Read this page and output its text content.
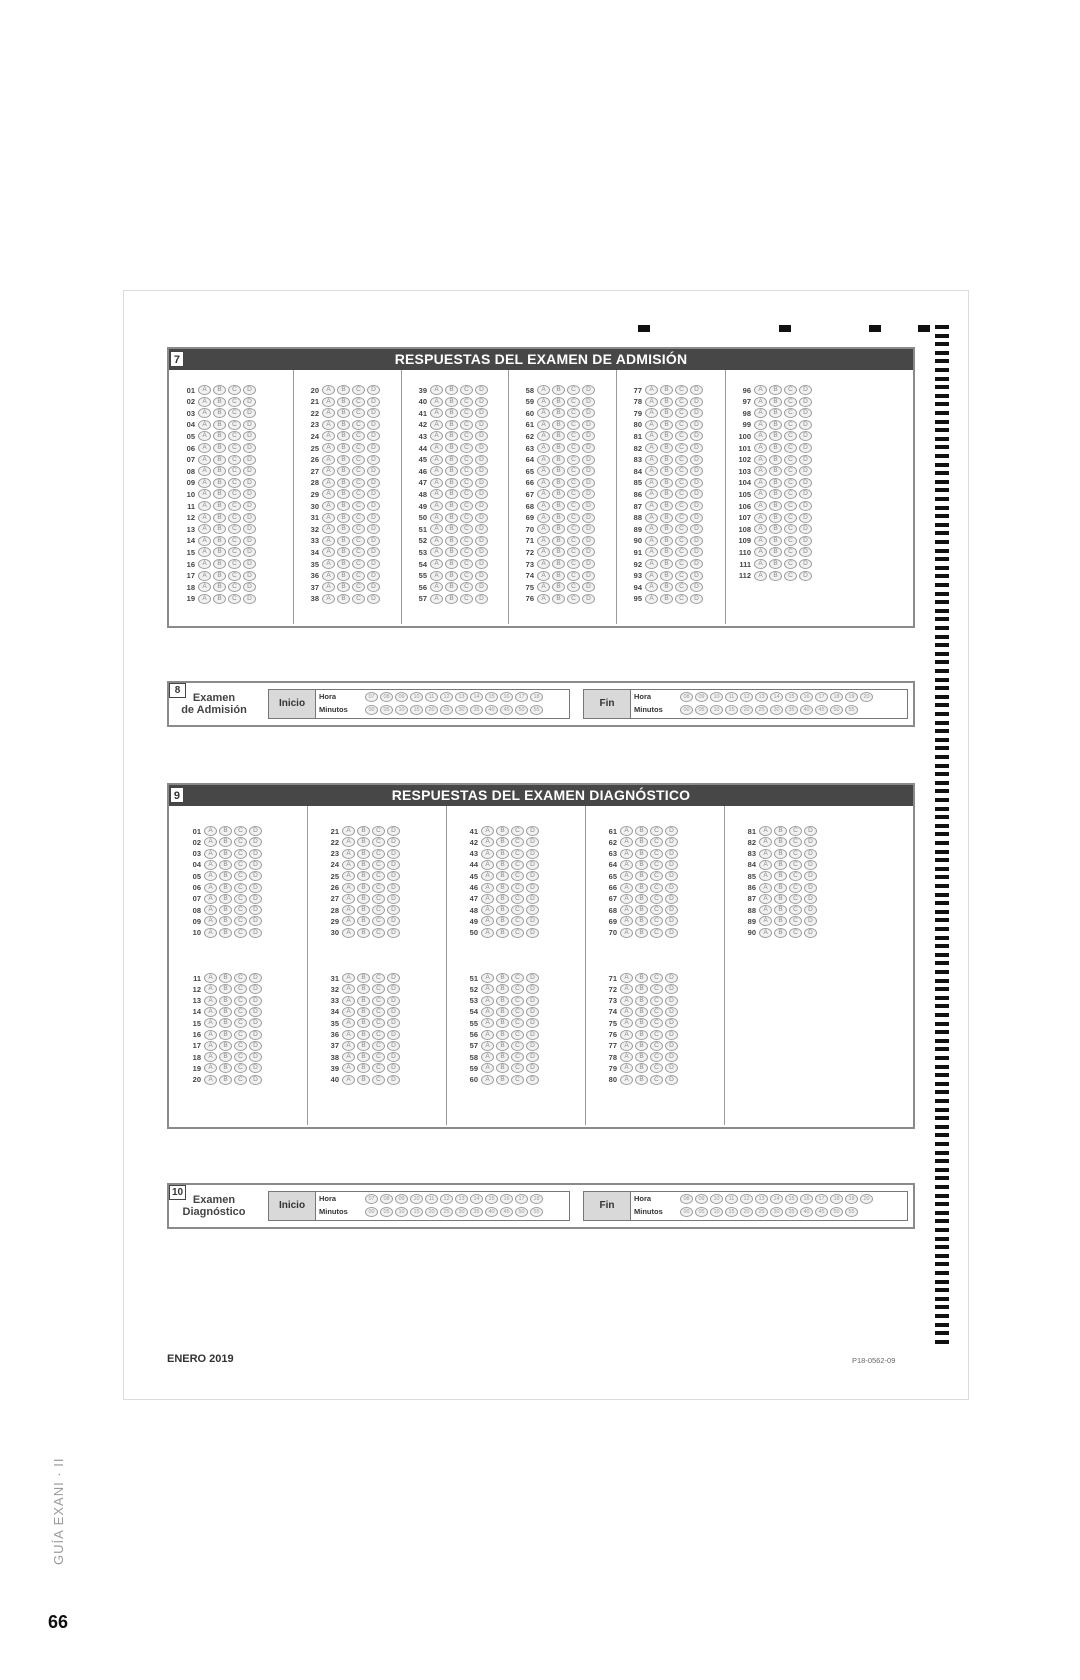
7	RESPUESTAS DEL EXAMEN DE ADMISIÓN
01	A	B	C	D
02	A	B	C	D
03	A	B	C	D
04	A	B	C	D
05	A	B	C	D
06	A	B	C	D
07	A	B	C	D
08	A	B	C	D
09	A	B	C	D
10	A	B	C	D
11	A	B	C	D
12	A	B	C	D
13	A	B	C	D
14	A	B	C	D
15	A	B	C	D
16	A	B	C	D
17	A	B	C	D
18	A	B	C	D
19	A	B	C	D
20	A	B	C	D
21	A	B	C	D
22	A	B	C	D
23	A	B	C	D
24	A	B	C	D
25	A	B	C	D
26	A	B	C	D
27	A	B	C	D
28	A	B	C	D
29	A	B	C	D
30	A	B	C	D
31	A	B	C	D
32	A	B	C	D
33	A	B	C	D
34	A	B	C	D
35	A	B	C	D
36	A	B	C	D
37	A	B	C	D
38	A	B	C	D
39	A	B	C	D
40	A	B	C	D
41	A	B	C	D
42	A	B	C	D
43	A	B	C	D
44	A	B	C	D
45	A	B	C	D
46	A	B	C	D
47	A	B	C	D
48	A	B	C	D
49	A	B	C	D
50	A	B	C	D
51	A	B	C	D
52	A	B	C	D
53	A	B	C	D
54	A	B	C	D
55	A	B	C	D
56	A	B	C	D
57	A	B	C	D
58	A	B	C	D
59	A	B	C	D
60	A	B	C	D
61	A	B	C	D
62	A	B	C	D
63	A	B	C	D
64	A	B	C	D
65	A	B	C	D
66	A	B	C	D
67	A	B	C	D
68	A	B	C	D
69	A	B	C	D
70	A	B	C	D
71	A	B	C	D
72	A	B	C	D
73	A	B	C	D
74	A	B	C	D
75	A	B	C	D
76	A	B	C	D
77	A	B	C	D
78	A	B	C	D
79	A	B	C	D
80	A	B	C	D
81	A	B	C	D
82	A	B	C	D
83	A	B	C	D
84	A	B	C	D
85	A	B	C	D
86	A	B	C	D
87	A	B	C	D
88	A	B	C	D
89	A	B	C	D
90	A	B	C	D
91	A	B	C	D
92	A	B	C	D
93	A	B	C	D
94	A	B	C	D
95	A	B	C	D
96	A	B	C	D
97	A	B	C	D
98	A	B	C	D
99	A	B	C	D
100	A	B	C	D
101	A	B	C	D
102	A	B	C	D
103	A	B	C	D
104	A	B	C	D
105	A	B	C	D
106	A	B	C	D
107	A	B	C	D
108	A	B	C	D
109	A	B	C	D
110	A	B	C	D
111	A	B	C	D
112	A	B	C	D
8
Examen
de Admisión
Inicio
Hora
Minutos
07	08	09	10	11	12	13	14	15	16	17	18
00	05	10	15	20	25	30	35	40	45	50	55
Fin
Hora
Minutos
08	09	10	11	12	13	14	15	16	17	18	19	20
00	05	10	15	20	25	30	35	40	45	50	55
9	RESPUESTAS DEL EXAMEN DIAGNÓSTICO
01	A	B	C	D
02	A	B	C	D
03	A	B	C	D
04	A	B	C	D
05	A	B	C	D
06	A	B	C	D
07	A	B	C	D
08	A	B	C	D
09	A	B	C	D
10	A	B	C	D
21	A	B	C	D
22	A	B	C	D
23	A	B	C	D
24	A	B	C	D
25	A	B	C	D
26	A	B	C	D
27	A	B	C	D
28	A	B	C	D
29	A	B	C	D
30	A	B	C	D
41	A	B	C	D
42	A	B	C	D
43	A	B	C	D
44	A	B	C	D
45	A	B	C	D
46	A	B	C	D
47	A	B	C	D
48	A	B	C	D
49	A	B	C	D
50	A	B	C	D
61	A	B	C	D
62	A	B	C	D
63	A	B	C	D
64	A	B	C	D
65	A	B	C	D
66	A	B	C	D
67	A	B	C	D
68	A	B	C	D
69	A	B	C	D
70	A	B	C	D
81	A	B	C	D
82	A	B	C	D
83	A	B	C	D
84	A	B	C	D
85	A	B	C	D
86	A	B	C	D
87	A	B	C	D
88	A	B	C	D
89	A	B	C	D
90	A	B	C	D
11	A	B	C	D
12	A	B	C	D
13	A	B	C	D
14	A	B	C	D
15	A	B	C	D
16	A	B	C	D
17	A	B	C	D
18	A	B	C	D
19	A	B	C	D
20	A	B	C	D
31	A	B	C	D
32	A	B	C	D
33	A	B	C	D
34	A	B	C	D
35	A	B	C	D
36	A	B	C	D
37	A	B	C	D
38	A	B	C	D
39	A	B	C	D
40	A	B	C	D
51	A	B	C	D
52	A	B	C	D
53	A	B	C	D
54	A	B	C	D
55	A	B	C	D
56	A	B	C	D
57	A	B	C	D
58	A	B	C	D
59	A	B	C	D
60	A	B	C	D
71	A	B	C	D
72	A	B	C	D
73	A	B	C	D
74	A	B	C	D
75	A	B	C	D
76	A	B	C	D
77	A	B	C	D
78	A	B	C	D
79	A	B	C	D
80	A	B	C	D
10
Examen
Diagnóstico
Inicio
Hora
Minutos
07	08	09	10	11	12	13	14	15	16	17	18
00	05	10	15	20	25	30	35	40	45	50	55
Fin
Hora
Minutos
08	09	10	11	12	13	14	15	16	17	18	19	20
00	05	10	15	20	25	30	35	40	45	50	55
ENERO 2019	P18-0562-09
GUÍA EXANI · II
66
